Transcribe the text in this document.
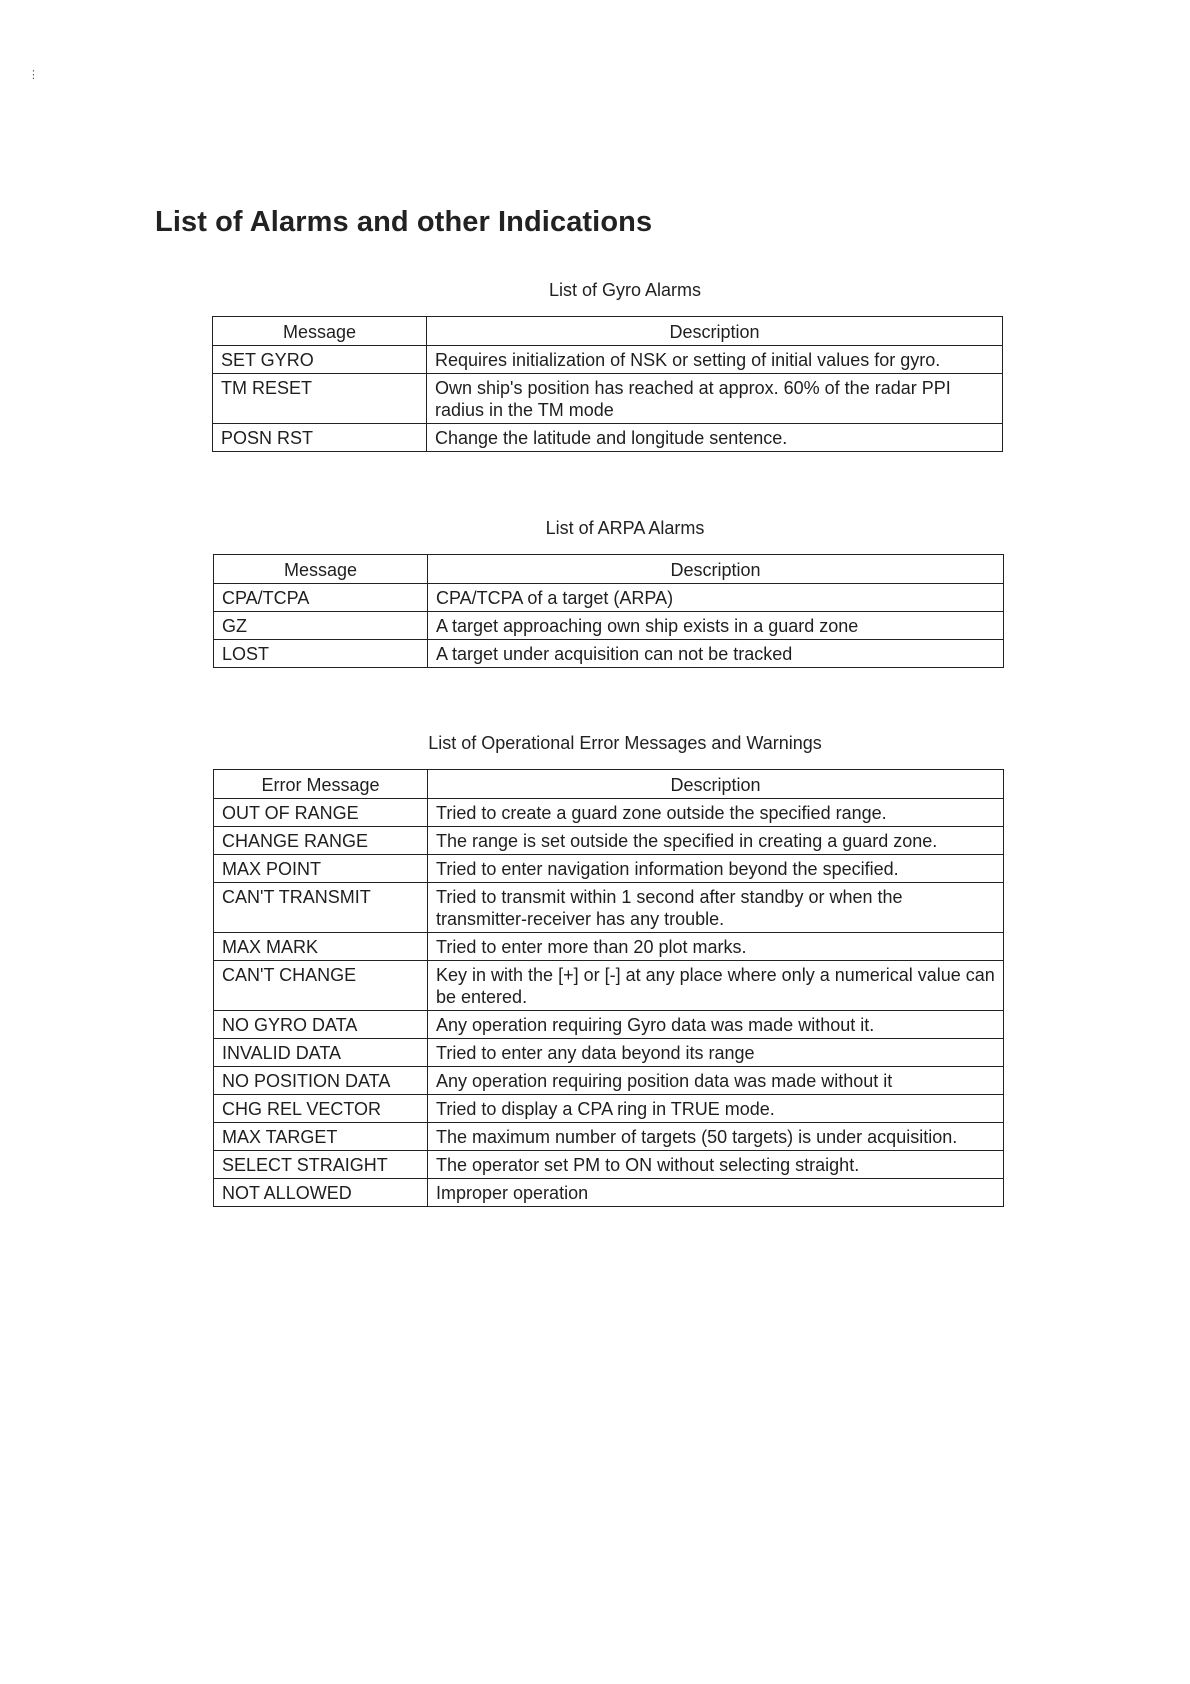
⋮
List of Alarms and other Indications
List of Gyro Alarms
Message	Description
SET GYRO	Requires initialization of NSK or setting of initial values for gyro.
TM RESET	Own ship's position has reached at approx. 60% of the radar PPI radius in the TM mode
POSN RST	Change the latitude and longitude sentence.
List of ARPA Alarms
Message	Description
CPA/TCPA	CPA/TCPA of a target (ARPA)
GZ	A target approaching own ship exists in a guard zone
LOST	A target under acquisition can not be tracked
List of Operational Error Messages and Warnings
Error Message	Description
OUT OF RANGE	Tried to create a guard zone outside the specified range.
CHANGE RANGE	The range is set outside the specified in creating a guard zone.
MAX POINT	Tried to enter navigation information beyond the specified.
CAN'T TRANSMIT	Tried to transmit within 1 second after standby or when the transmitter-receiver has any trouble.
MAX MARK	Tried to enter more than 20 plot marks.
CAN'T CHANGE	Key in with the [+] or [-] at any place where only a numerical value can be entered.
NO GYRO DATA	Any operation requiring Gyro data was made without it.
INVALID DATA	Tried to enter any data beyond its range
NO POSITION DATA	Any operation requiring position data was made without it
CHG REL VECTOR	Tried to display a CPA ring in TRUE mode.
MAX TARGET	The maximum number of targets (50 targets) is under acquisition.
SELECT STRAIGHT	The operator set PM to ON without selecting straight.
NOT ALLOWED	Improper operation
